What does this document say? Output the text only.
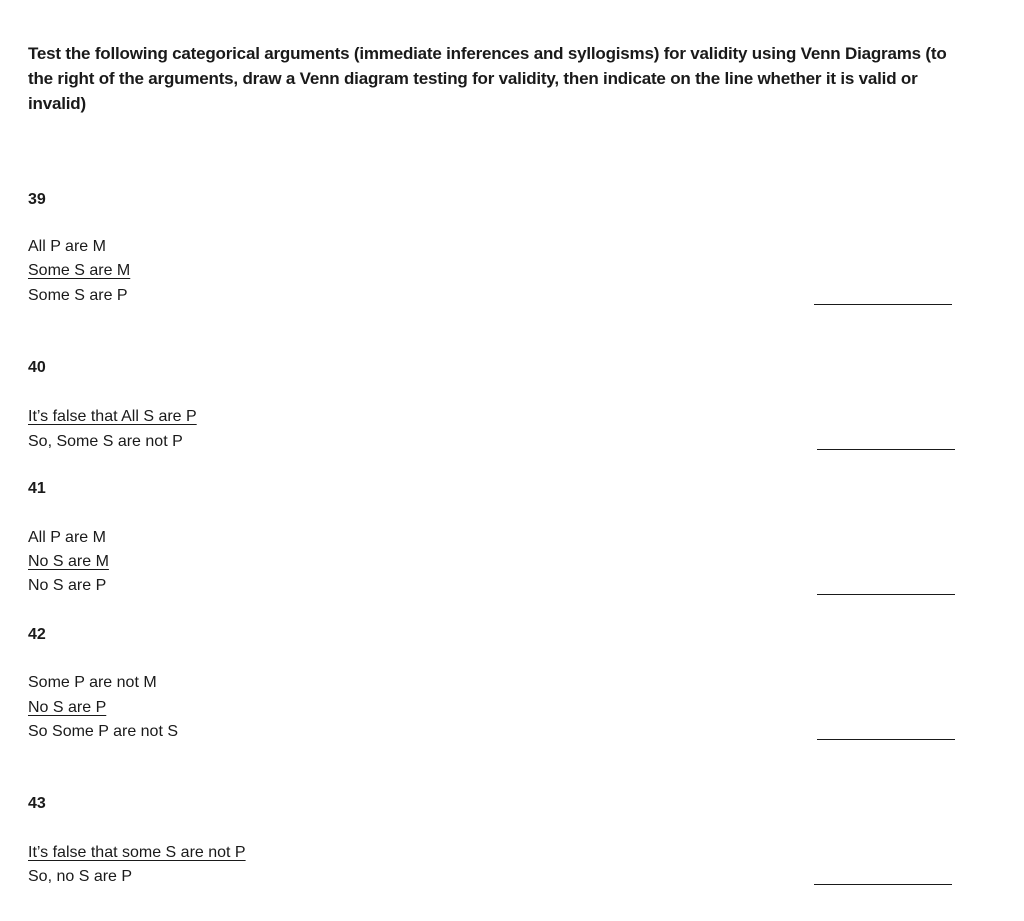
Test the following categorical arguments (immediate inferences and syllogisms) for validity using Venn Diagrams (to the right of the arguments, draw a Venn diagram testing for validity, then indicate on the line whether it is valid or invalid)
39
All P are M
Some S are M
Some S are P
40
It’s false that All S are P
So, Some S are not P
41
All P are M
No S are M
No S are P
42
Some P are not M
No S are P
So Some P are not S
43
It’s false that some S are not P
So, no S are P
